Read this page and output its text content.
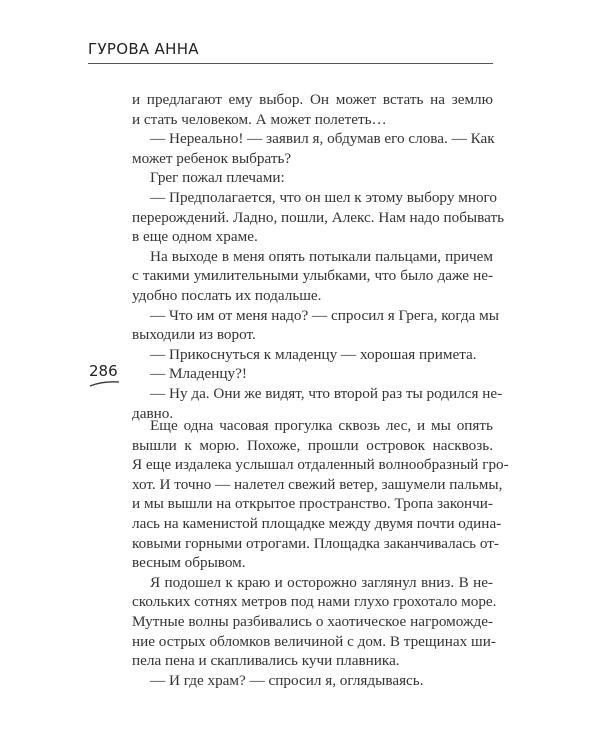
ГУРОВА АННА
и предлагают ему выбор. Он может встать на землю
и стать человеком. А может полететь…
— Нереально! — заявил я, обдумав его слова. — Как
может ребенок выбрать?
Грег пожал плечами:
— Предполагается, что он шел к этому выбору много
перерождений. Ладно, пошли, Алекс. Нам надо побывать
в еще одном храме.
На выходе в меня опять потыкали пальцами, причем
с такими умилительными улыбками, что было даже не-
удобно послать их подальше.
— Что им от меня надо? — спросил я Грега, когда мы
выходили из ворот.
— Прикоснуться к младенцу — хорошая примета.
— Младенцу?!
— Ну да. Они же видят, что второй раз ты родился не-
давно.
Еще одна часовая прогулка сквозь лес, и мы опять
вышли к морю. Похоже, прошли островок насквозь.
Я еще издалека услышал отдаленный волнообразный гро-
хот. И точно — налетел свежий ветер, зашумели пальмы,
и мы вышли на открытое пространство. Тропа закончи-
лась на каменистой площадке между двумя почти одина-
ковыми горными отрогами. Площадка заканчивалась от-
весным обрывом.
Я подошел к краю и осторожно заглянул вниз. В не-
скольких сотнях метров под нами глухо грохотало море.
Мутные волны разбивались о хаотическое нагроможде-
ние острых обломков величиной с дом. В трещинах ши-
пела пена и скапливались кучи плавника.
— И где храм? — спросил я, оглядываясь.
286
